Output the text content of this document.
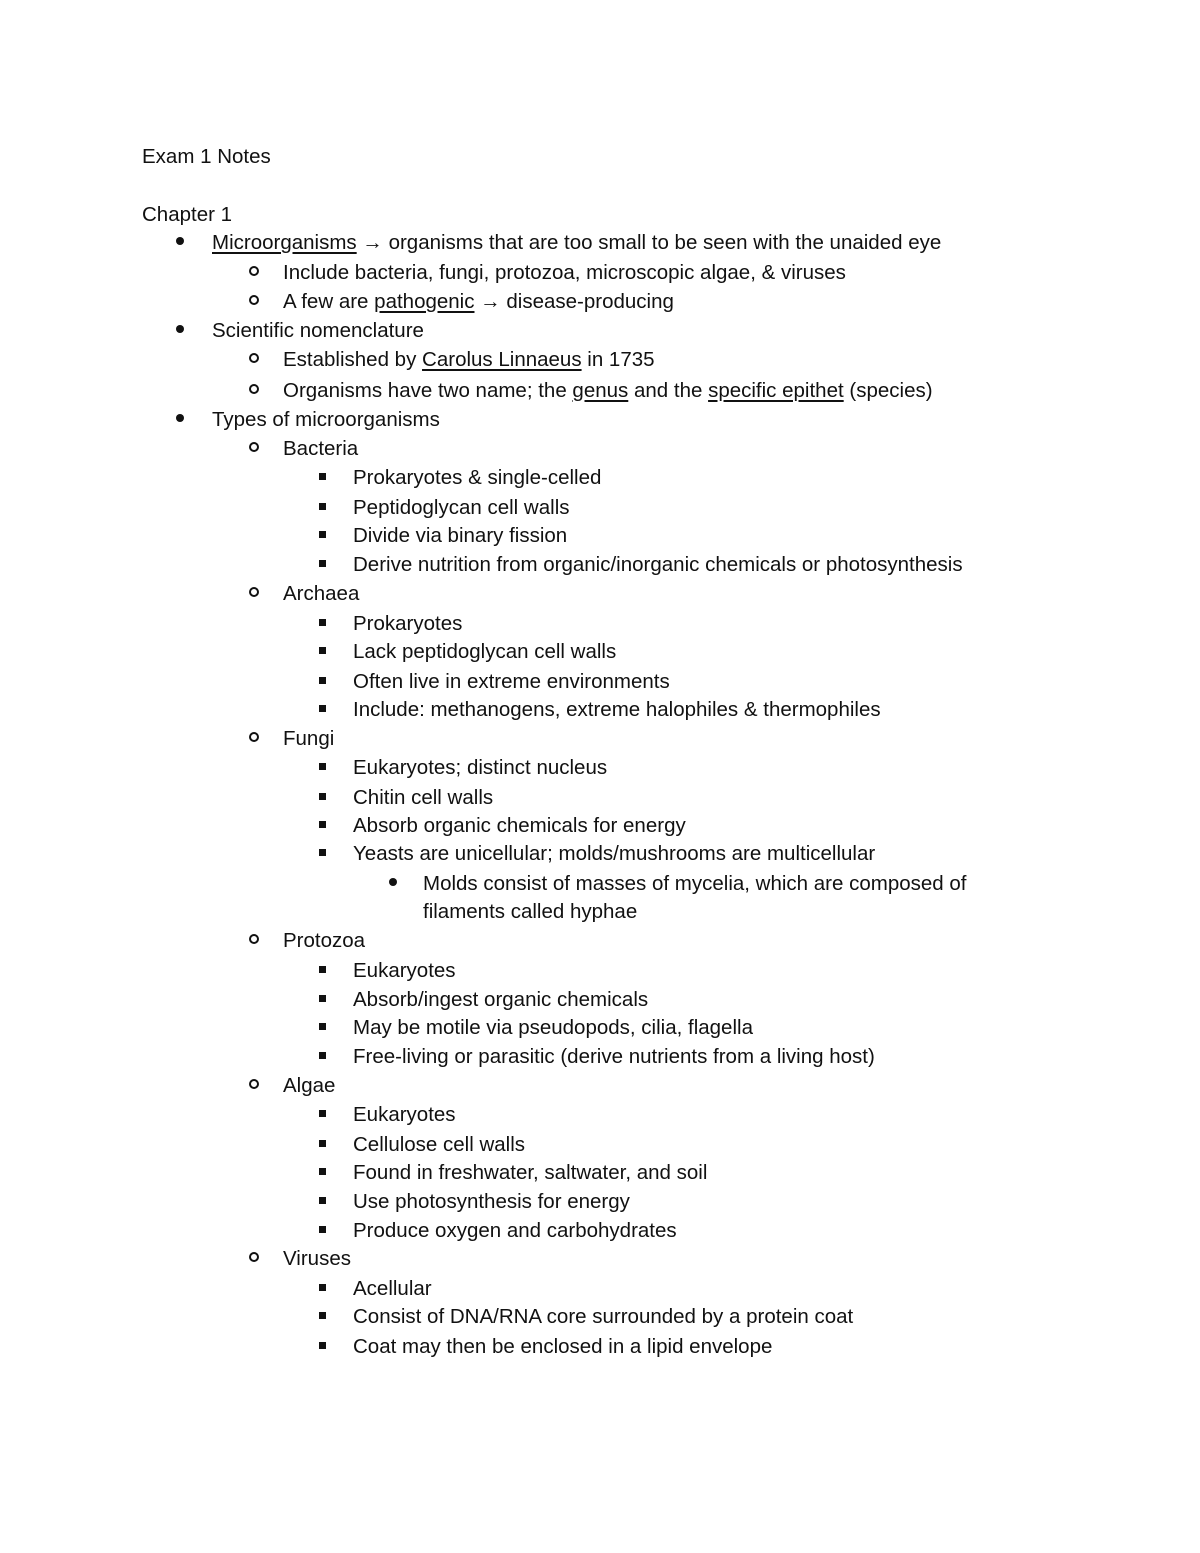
Exam 1 Notes
Chapter 1
Microorganisms → organisms that are too small to be seen with the unaided eye
Include bacteria, fungi, protozoa, microscopic algae, & viruses
A few are pathogenic → disease-producing
Scientific nomenclature
Established by Carolus Linnaeus in 1735
Organisms have two name; the genus and the specific epithet (species)
Types of microorganisms
Bacteria
Prokaryotes & single-celled
Peptidoglycan cell walls
Divide via binary fission
Derive nutrition from organic/inorganic chemicals or photosynthesis
Archaea
Prokaryotes
Lack peptidoglycan cell walls
Often live in extreme environments
Include: methanogens, extreme halophiles & thermophiles
Fungi
Eukaryotes; distinct nucleus
Chitin cell walls
Absorb organic chemicals for energy
Yeasts are unicellular; molds/mushrooms are multicellular
Molds consist of masses of mycelia, which are composed of
filaments called hyphae
Protozoa
Eukaryotes
Absorb/ingest organic chemicals
May be motile via pseudopods, cilia, flagella
Free-living or parasitic (derive nutrients from a living host)
Algae
Eukaryotes
Cellulose cell walls
Found in freshwater, saltwater, and soil
Use photosynthesis for energy
Produce oxygen and carbohydrates
Viruses
Acellular
Consist of DNA/RNA core surrounded by a protein coat
Coat may then be enclosed in a lipid envelope
